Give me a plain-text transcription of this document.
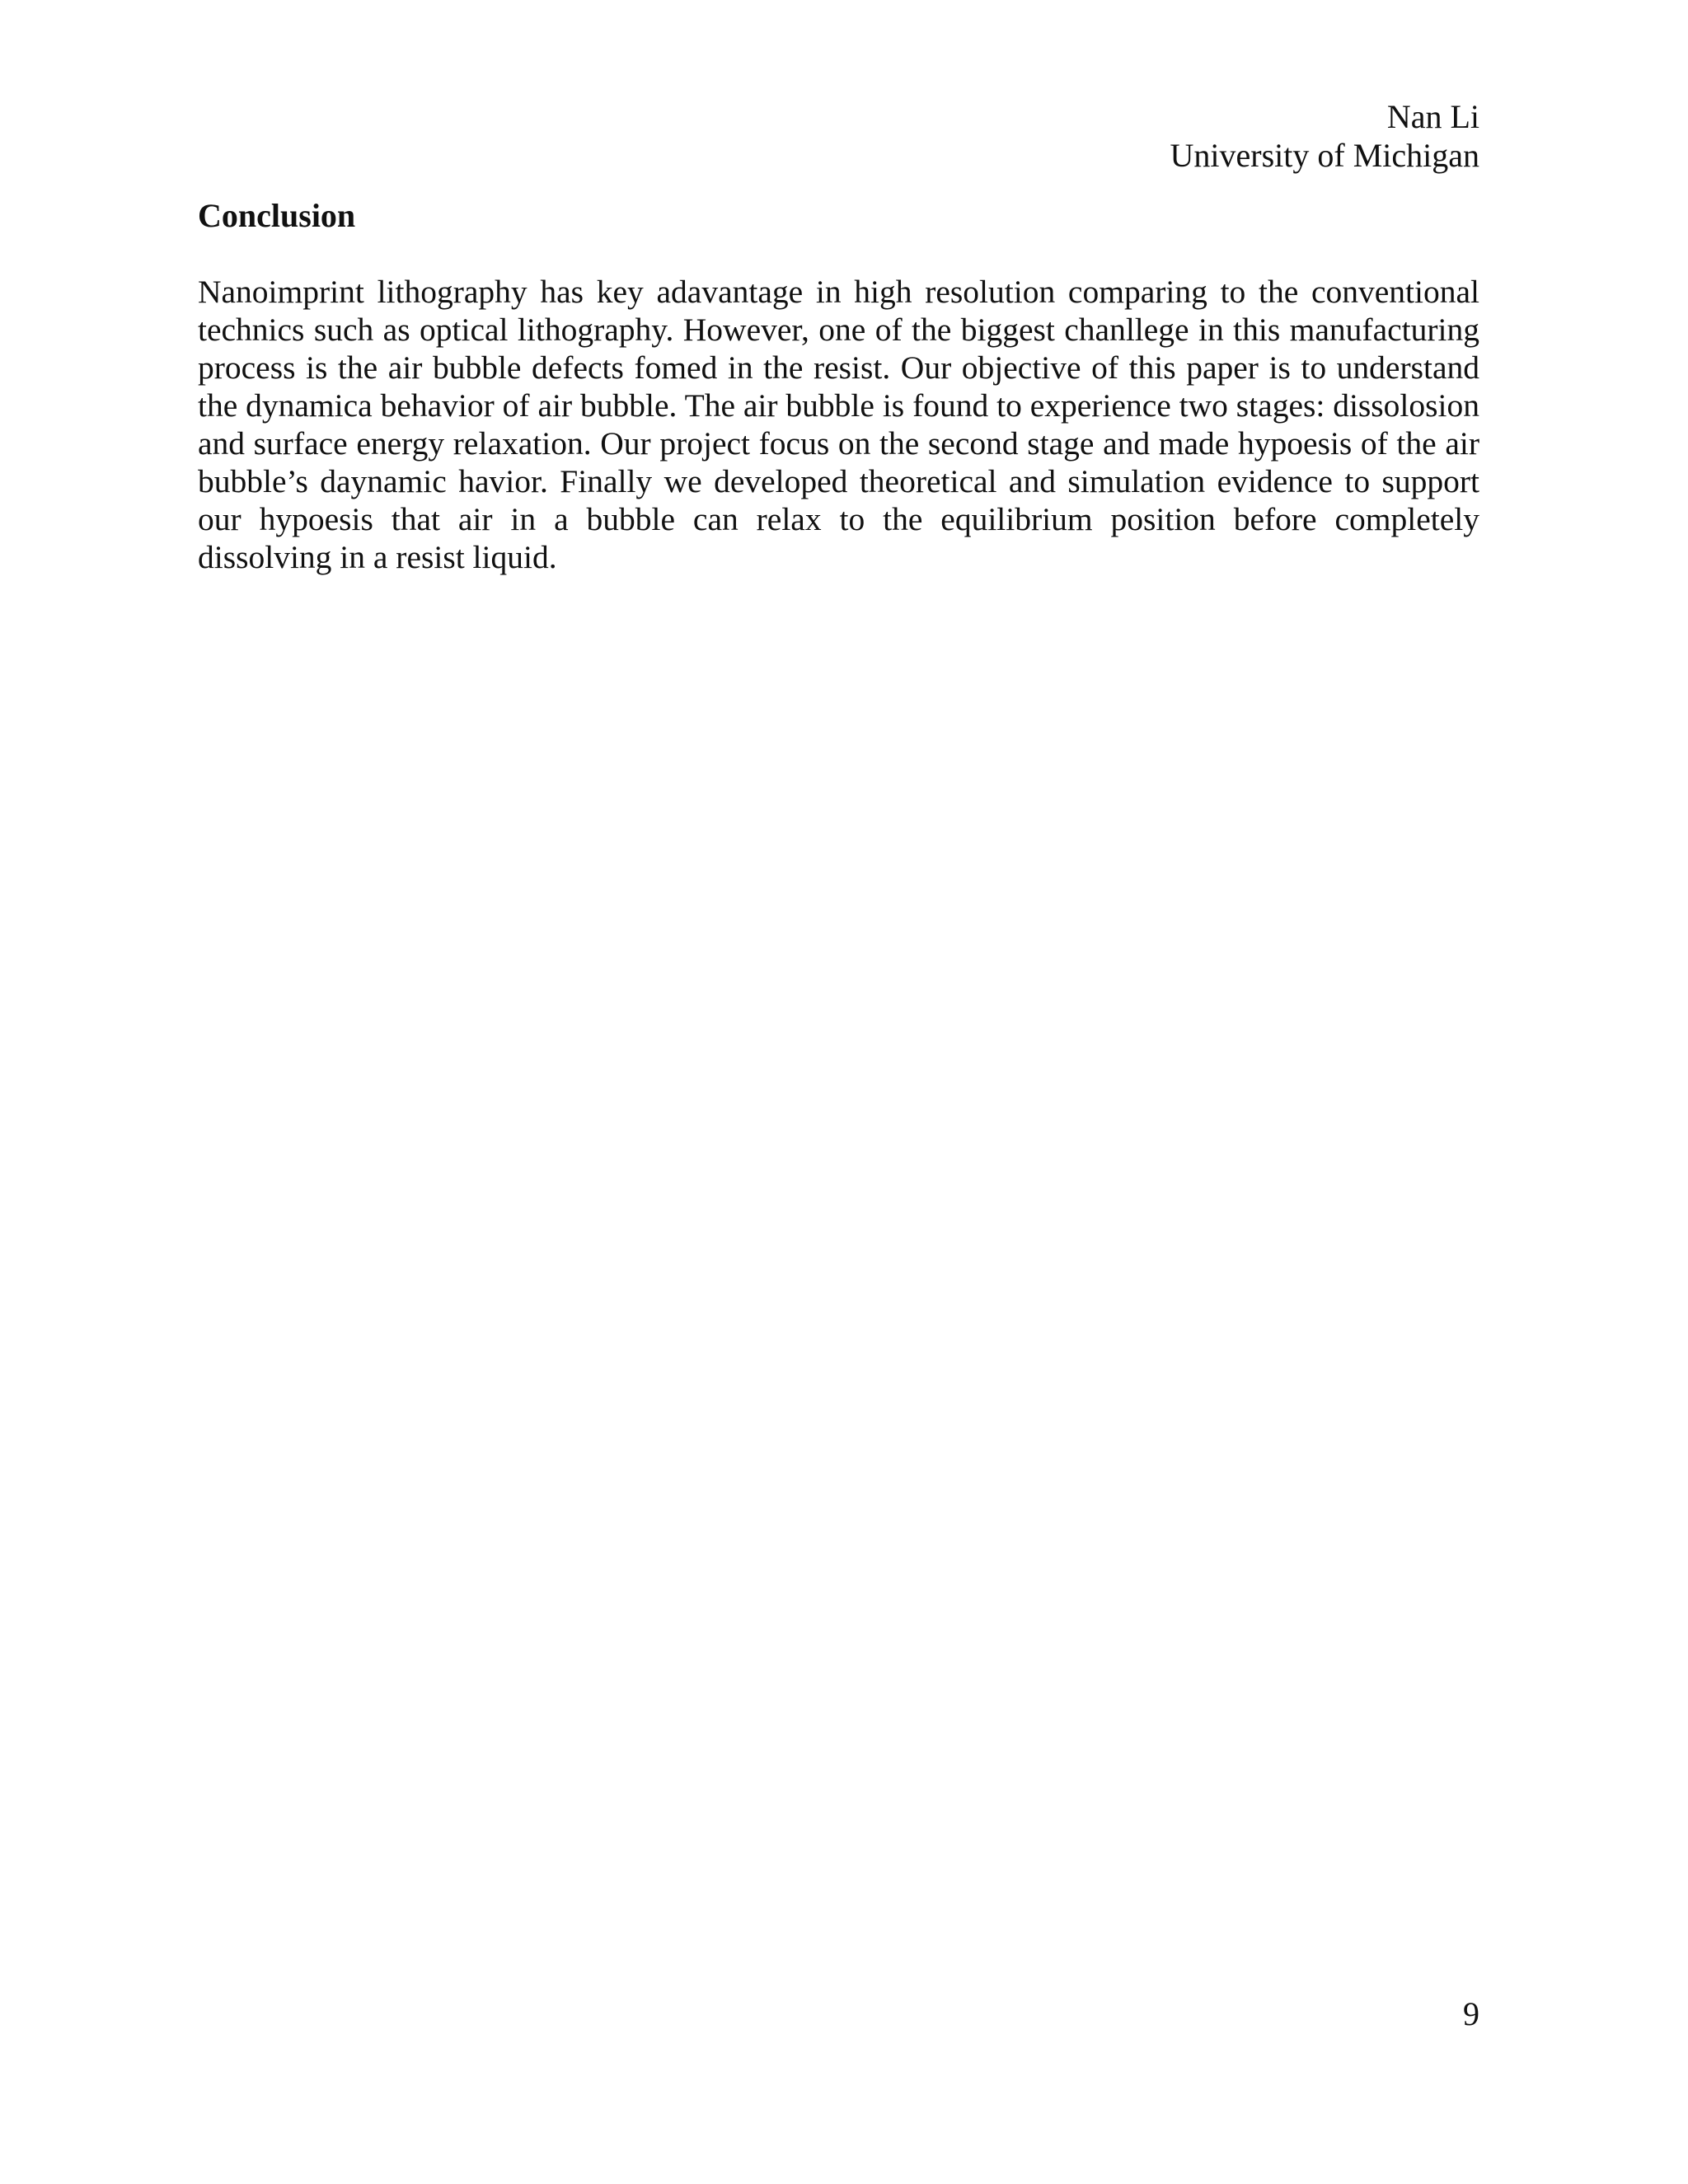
Nan Li
University of Michigan
Conclusion

Nanoimprint lithography has key adavantage in high resolution comparing to the conventional technics such as optical lithography. However, one of the biggest chanllege in this manufacturing process is the air bubble defects fomed in the resist. Our objective of this paper is to understand the dynamica behavior of air bubble. The air bubble is found to experience two stages: dissolosion and surface energy relaxation. Our project focus on the second stage and made hypoesis of the air bubble’s daynamic havior. Finally we developed theoretical and simulation evidence to support our hypoesis that air in a bubble can relax to the equilibrium position before completely dissolving in a resist liquid.

9
